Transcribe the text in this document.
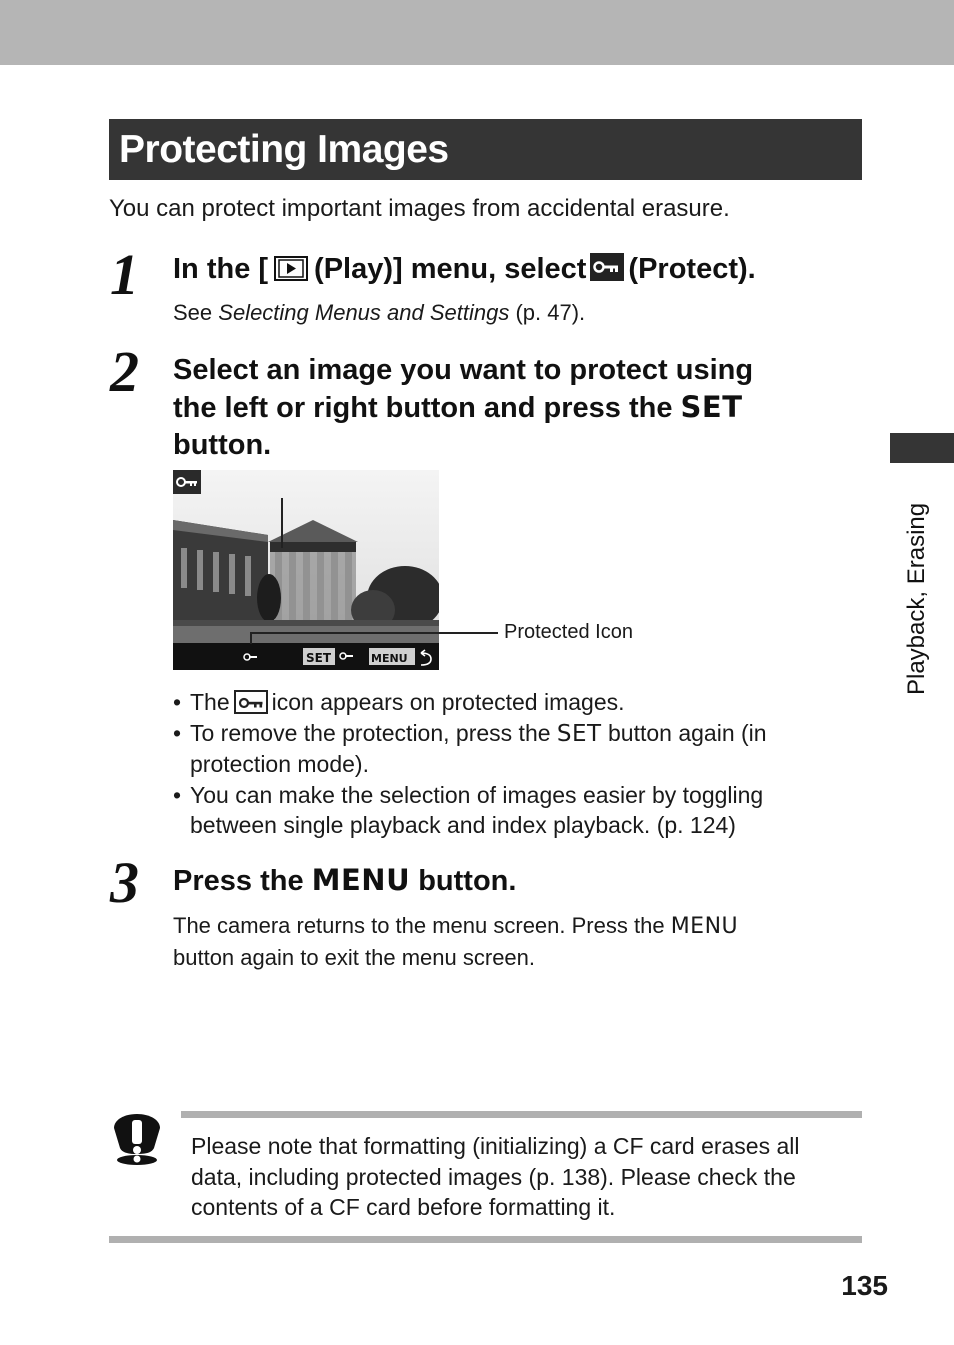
Protecting Images
You can protect important images from accidental erasure.
1 In the [ (Play)] menu, select (Protect).
See Selecting Menus and Settings (p. 47).
2 Select an image you want to protect using
the left or right button and press the SET
button.
SET	MENU
Protected Icon
• The icon appears on protected images.
• To remove the protection, press the SET button again (in protection mode).
• You can make the selection of images easier by toggling between single playback and index playback. (p. 124)
3 Press the MENU button.
The camera returns to the menu screen. Press the MENU
button again to exit the menu screen.
Playback, Erasing
Please note that formatting (initializing) a CF card erases all data, including protected images (p. 138). Please check the contents of a CF card before formatting it.
135
